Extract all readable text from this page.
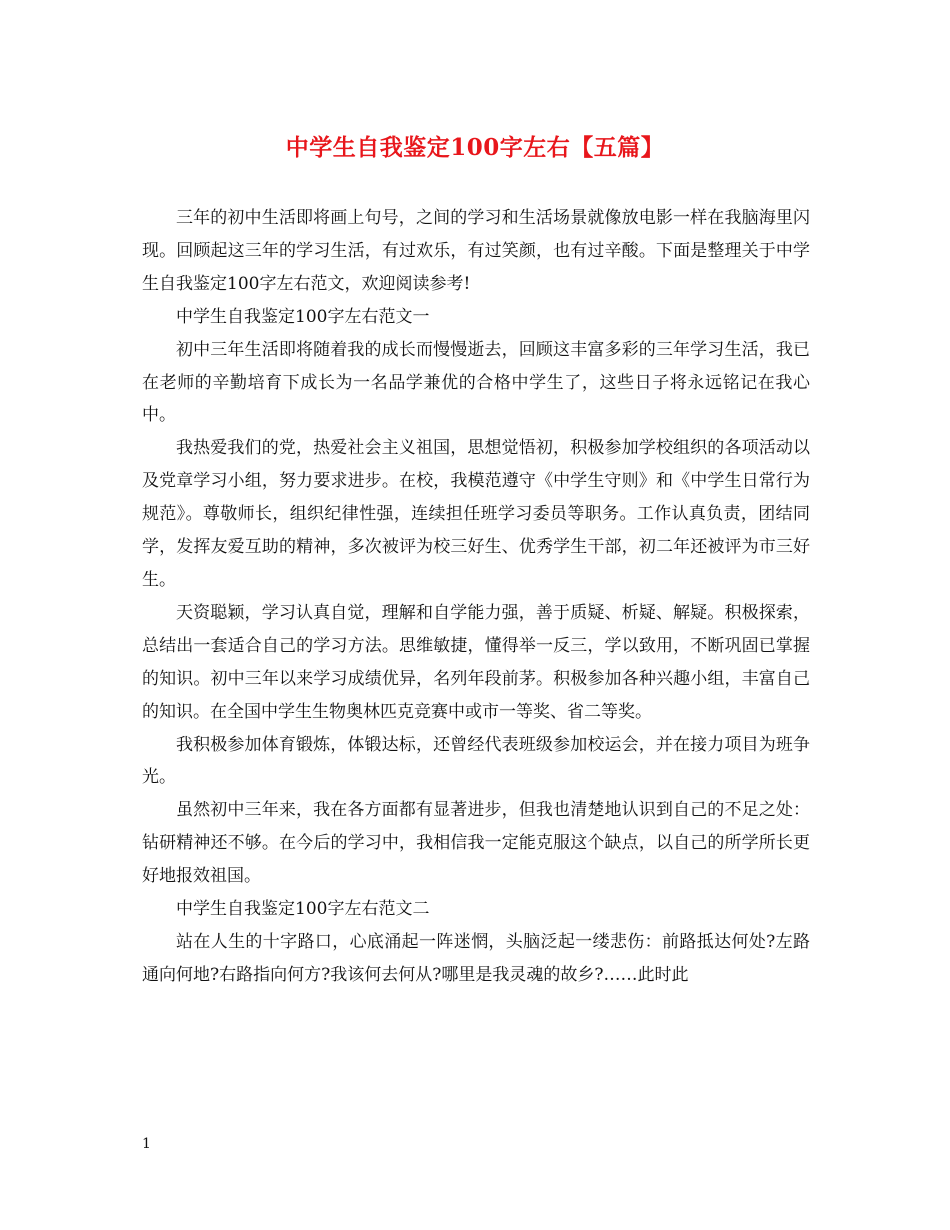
中学生自我鉴定100字左右【五篇】

三年的初中生活即将画上句号，之间的学习和生活场景就像放电影一样在我脑海里闪现。回顾起这三年的学习生活，有过欢乐，有过笑颜，也有过辛酸。下面是整理关于中学生自我鉴定100字左右范文，欢迎阅读参考!

中学生自我鉴定100字左右范文一

初中三年生活即将随着我的成长而慢慢逝去，回顾这丰富多彩的三年学习生活，我已在老师的辛勤培育下成长为一名品学兼优的合格中学生了，这些日子将永远铭记在我心中。

我热爱我们的党，热爱社会主义祖国，思想觉悟初，积极参加学校组织的各项活动以及党章学习小组，努力要求进步。在校，我模范遵守《中学生守则》和《中学生日常行为规范》。尊敬师长，组织纪律性强，连续担任班学习委员等职务。工作认真负责，团结同学，发挥友爱互助的精神，多次被评为校三好生、优秀学生干部，初二年还被评为市三好生。

天资聪颖，学习认真自觉，理解和自学能力强，善于质疑、析疑、解疑。积极探索，总结出一套适合自己的学习方法。思维敏捷，懂得举一反三，学以致用，不断巩固已掌握的知识。初中三年以来学习成绩优异，名列年段前茅。积极参加各种兴趣小组，丰富自己的知识。在全国中学生生物奥林匹克竞赛中或市一等奖、省二等奖。

我积极参加体育锻炼，体锻达标，还曾经代表班级参加校运会，并在接力项目为班争光。

虽然初中三年来，我在各方面都有显著进步，但我也清楚地认识到自己的不足之处：钻研精神还不够。在今后的学习中，我相信我一定能克服这个缺点，以自己的所学所长更好地报效祖国。

中学生自我鉴定100字左右范文二

站在人生的十字路口，心底涌起一阵迷惘，头脑泛起一缕悲伤：前路抵达何处?左路通向何地?右路指向何方?我该何去何从?哪里是我灵魂的故乡?……此时此

1
